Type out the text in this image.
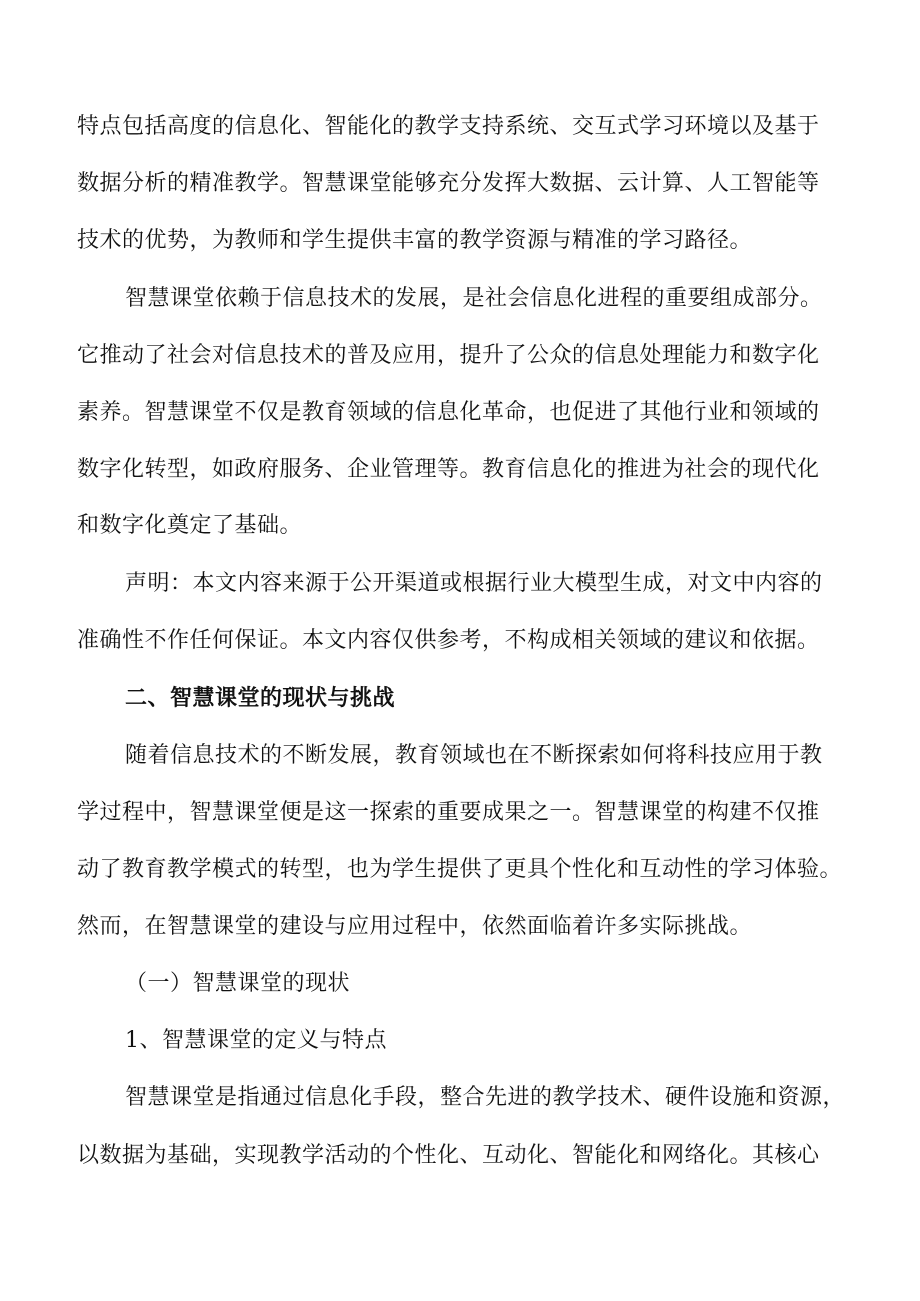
特点包括高度的信息化、智能化的教学支持系统、交互式学习环境以及基于
数据分析的精准教学。智慧课堂能够充分发挥大数据、云计算、人工智能等
技术的优势，为教师和学生提供丰富的教学资源与精准的学习路径。
智慧课堂依赖于信息技术的发展，是社会信息化进程的重要组成部分。
它推动了社会对信息技术的普及应用，提升了公众的信息处理能力和数字化
素养。智慧课堂不仅是教育领域的信息化革命，也促进了其他行业和领域的
数字化转型，如政府服务、企业管理等。教育信息化的推进为社会的现代化
和数字化奠定了基础。
声明：本文内容来源于公开渠道或根据行业大模型生成，对文中内容的
准确性不作任何保证。本文内容仅供参考，不构成相关领域的建议和依据。
二、智慧课堂的现状与挑战
随着信息技术的不断发展，教育领域也在不断探索如何将科技应用于教
学过程中，智慧课堂便是这一探索的重要成果之一。智慧课堂的构建不仅推
动了教育教学模式的转型，也为学生提供了更具个性化和互动性的学习体验。
然而，在智慧课堂的建设与应用过程中，依然面临着许多实际挑战。
（一）智慧课堂的现状
1、智慧课堂的定义与特点
智慧课堂是指通过信息化手段，整合先进的教学技术、硬件设施和资源，
以数据为基础，实现教学活动的个性化、互动化、智能化和网络化。其核心
